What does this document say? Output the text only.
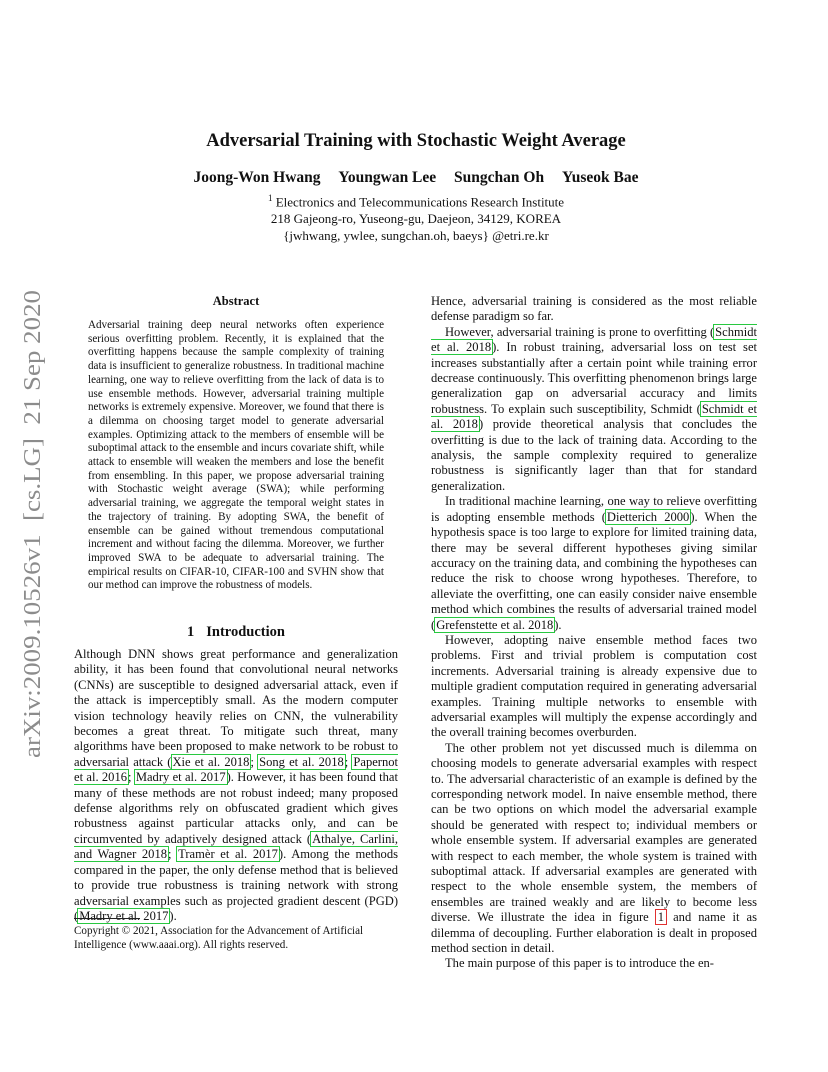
arXiv:2009.10526v1  [cs.LG]  21 Sep 2020
Adversarial Training with Stochastic Weight Average
Joong-Won Hwang Youngwan Lee Sungchan Oh Yuseok Bae
$^1$ Electronics and Telecommunications Research Institute
218 Gajeong-ro, Yuseong-gu, Daejeon, 34129, KOREA
{jwhwang, ywlee, sungchan.oh, baeys} @etri.re.kr
Abstract
Adversarial training deep neural networks often experience serious overfitting problem. Recently, it is explained that the overfitting happens because the sample complexity of training data is insufficient to generalize robustness. In traditional machine learning, one way to relieve overfitting from the lack of data is to use ensemble methods. However, adversarial training multiple networks is extremely expensive. Moreover, we found that there is a dilemma on choosing target model to generate adversarial examples. Optimizing attack to the members of ensemble will be suboptimal attack to the ensemble and incurs covariate shift, while attack to ensemble will weaken the members and lose the benefit from ensembling. In this paper, we propose adversarial training with Stochastic weight average (SWA); while performing adversarial training, we aggregate the temporal weight states in the trajectory of training. By adopting SWA, the benefit of ensemble can be gained without tremendous computational increment and without facing the dilemma. Moreover, we further improved SWA to be adequate to adversarial training. The empirical results on CIFAR-10, CIFAR-100 and SVHN show that our method can improve the robustness of models.
1 Introduction
Although DNN shows great performance and generalization ability, it has been found that convolutional neural networks (CNNs) are susceptible to designed adversarial attack, even if the attack is imperceptibly small. As the modern computer vision technology heavily relies on CNN, the vulnerability becomes a great threat. To mitigate such threat, many algorithms have been proposed to make network to be robust to adversarial attack (Xie et al. 2018; Song et al. 2018; Papernot et al. 2016; Madry et al. 2017). However, it has been found that many of these methods are not robust indeed; many proposed defense algorithms rely on obfuscated gradient which gives robustness against particular attacks only, and can be circumvented by adaptively designed attack (Athalye, Carlini, and Wagner 2018; Tramèr et al. 2017). Among the methods compared in the paper, the only defense method that is believed to provide true robustness is training network with strong adversarial examples such as projected gradient descent (PGD) (Madry et al. 2017).
Copyright © 2021, Association for the Advancement of Artificial Intelligence (www.aaai.org). All rights reserved.

Hence, adversarial training is considered as the most reliable defense paradigm so far.

However, adversarial training is prone to overfitting (Schmidt et al. 2018). In robust training, adversarial loss on test set increases substantially after a certain point while training error decrease continuously. This overfitting phenomenon brings large generalization gap on adversarial accuracy and limits robustness. To explain such susceptibility, Schmidt (Schmidt et al. 2018) provide theoretical analysis that concludes the overfitting is due to the lack of training data. According to the analysis, the sample complexity required to generalize robustness is significantly lager than that for standard generalization.

In traditional machine learning, one way to relieve overfitting is adopting ensemble methods (Dietterich 2000). When the hypothesis space is too large to explore for limited training data, there may be several different hypotheses giving similar accuracy on the training data, and combining the hypotheses can reduce the risk to choose wrong hypotheses. Therefore, to alleviate the overfitting, one can easily consider naive ensemble method which combines the results of adversarial trained model (Grefenstette et al. 2018).

However, adopting naive ensemble method faces two problems. First and trivial problem is computation cost increments. Adversarial training is already expensive due to multiple gradient computation required in generating adversarial examples. Training multiple networks to ensemble with adversarial examples will multiply the expense accordingly and the overall training becomes overburden.

The other problem not yet discussed much is dilemma on choosing models to generate adversarial examples with respect to. The adversarial characteristic of an example is defined by the corresponding network model. In naive ensemble method, there can be two options on which model the adversarial example should be generated with respect to; individual members or whole ensemble system. If adversarial examples are generated with respect to each member, the whole system is trained with suboptimal attack. If adversarial examples are generated with respect to the whole ensemble system, the members of ensembles are trained weakly and are likely to become less diverse. We illustrate the idea in figure 1 and name it as dilemma of decoupling. Further elaboration is dealt in proposed method section in detail.

The main purpose of this paper is to introduce the en-
